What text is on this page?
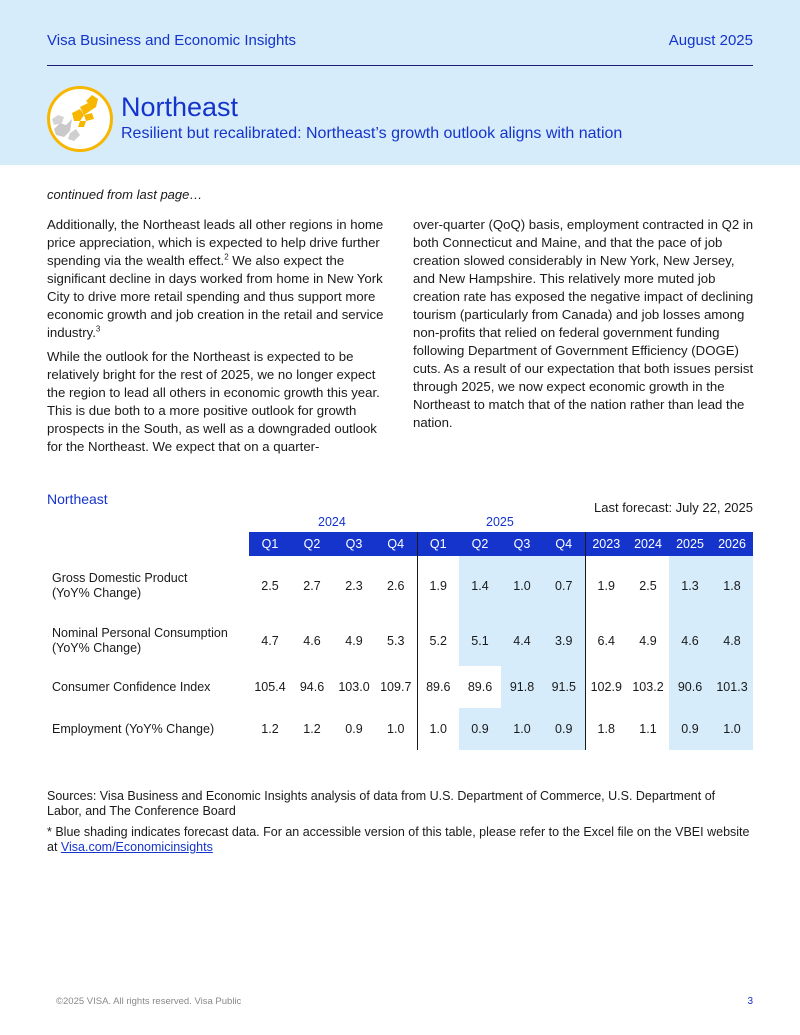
Visa Business and Economic Insights	August 2025
Northeast
Resilient but recalibrated: Northeast’s growth outlook aligns with nation
continued from last page…

Additionally, the Northeast leads all other regions in home price appreciation, which is expected to help drive further spending via the wealth effect.$^2$ We also expect the significant decline in days worked from home in New York City to drive more retail spending and thus support more economic growth and job creation in the retail and service industry.$^3$

While the outlook for the Northeast is expected to be relatively bright for the rest of 2025, we no longer expect the region to lead all others in economic growth this year. This is due both to a more positive outlook for growth prospects in the South, as well as a downgraded outlook for the Northeast. We expect that on a quarter-

over-quarter (QoQ) basis, employment contracted in Q2 in both Connecticut and Maine, and that the pace of job creation slowed considerably in New York, New Jersey, and New Hampshire. This relatively more muted job creation rate has exposed the negative impact of declining tourism (particularly from Canada) and job losses among non-profits that relied on federal government funding following Department of Government Efficiency (DOGE) cuts. As a result of our expectation that both issues persist through 2025, we now expect economic growth in the Northeast to match that of the nation rather than lead the nation.

Northeast
Last forecast: July 22, 2025
2024	2025
	Q1	Q2	Q3	Q4	Q1	Q2	Q3	Q4	2023	2024	2025	2026
Gross Domestic Product
(YoY% Change)	2.5	2.7	2.3	2.6	1.9	1.4	1.0	0.7	1.9	2.5	1.3	1.8
Nominal Personal Consumption
(YoY% Change)	4.7	4.6	4.9	5.3	5.2	5.1	4.4	3.9	6.4	4.9	4.6	4.8
Consumer Confidence Index	105.4	94.6	103.0	109.7	89.6	89.6	91.8	91.5	102.9	103.2	90.6	101.3
Employment (YoY% Change)	1.2	1.2	0.9	1.0	1.0	0.9	1.0	0.9	1.8	1.1	0.9	1.0
Sources: Visa Business and Economic Insights analysis of data from U.S. Department of Commerce, U.S. Department of Labor, and The Conference Board
* Blue shading indicates forecast data. For an accessible version of this table, please refer to the Excel file on the VBEI website at Visa.com/Economicinsights
©2025 VISA. All rights reserved. Visa Public	3
